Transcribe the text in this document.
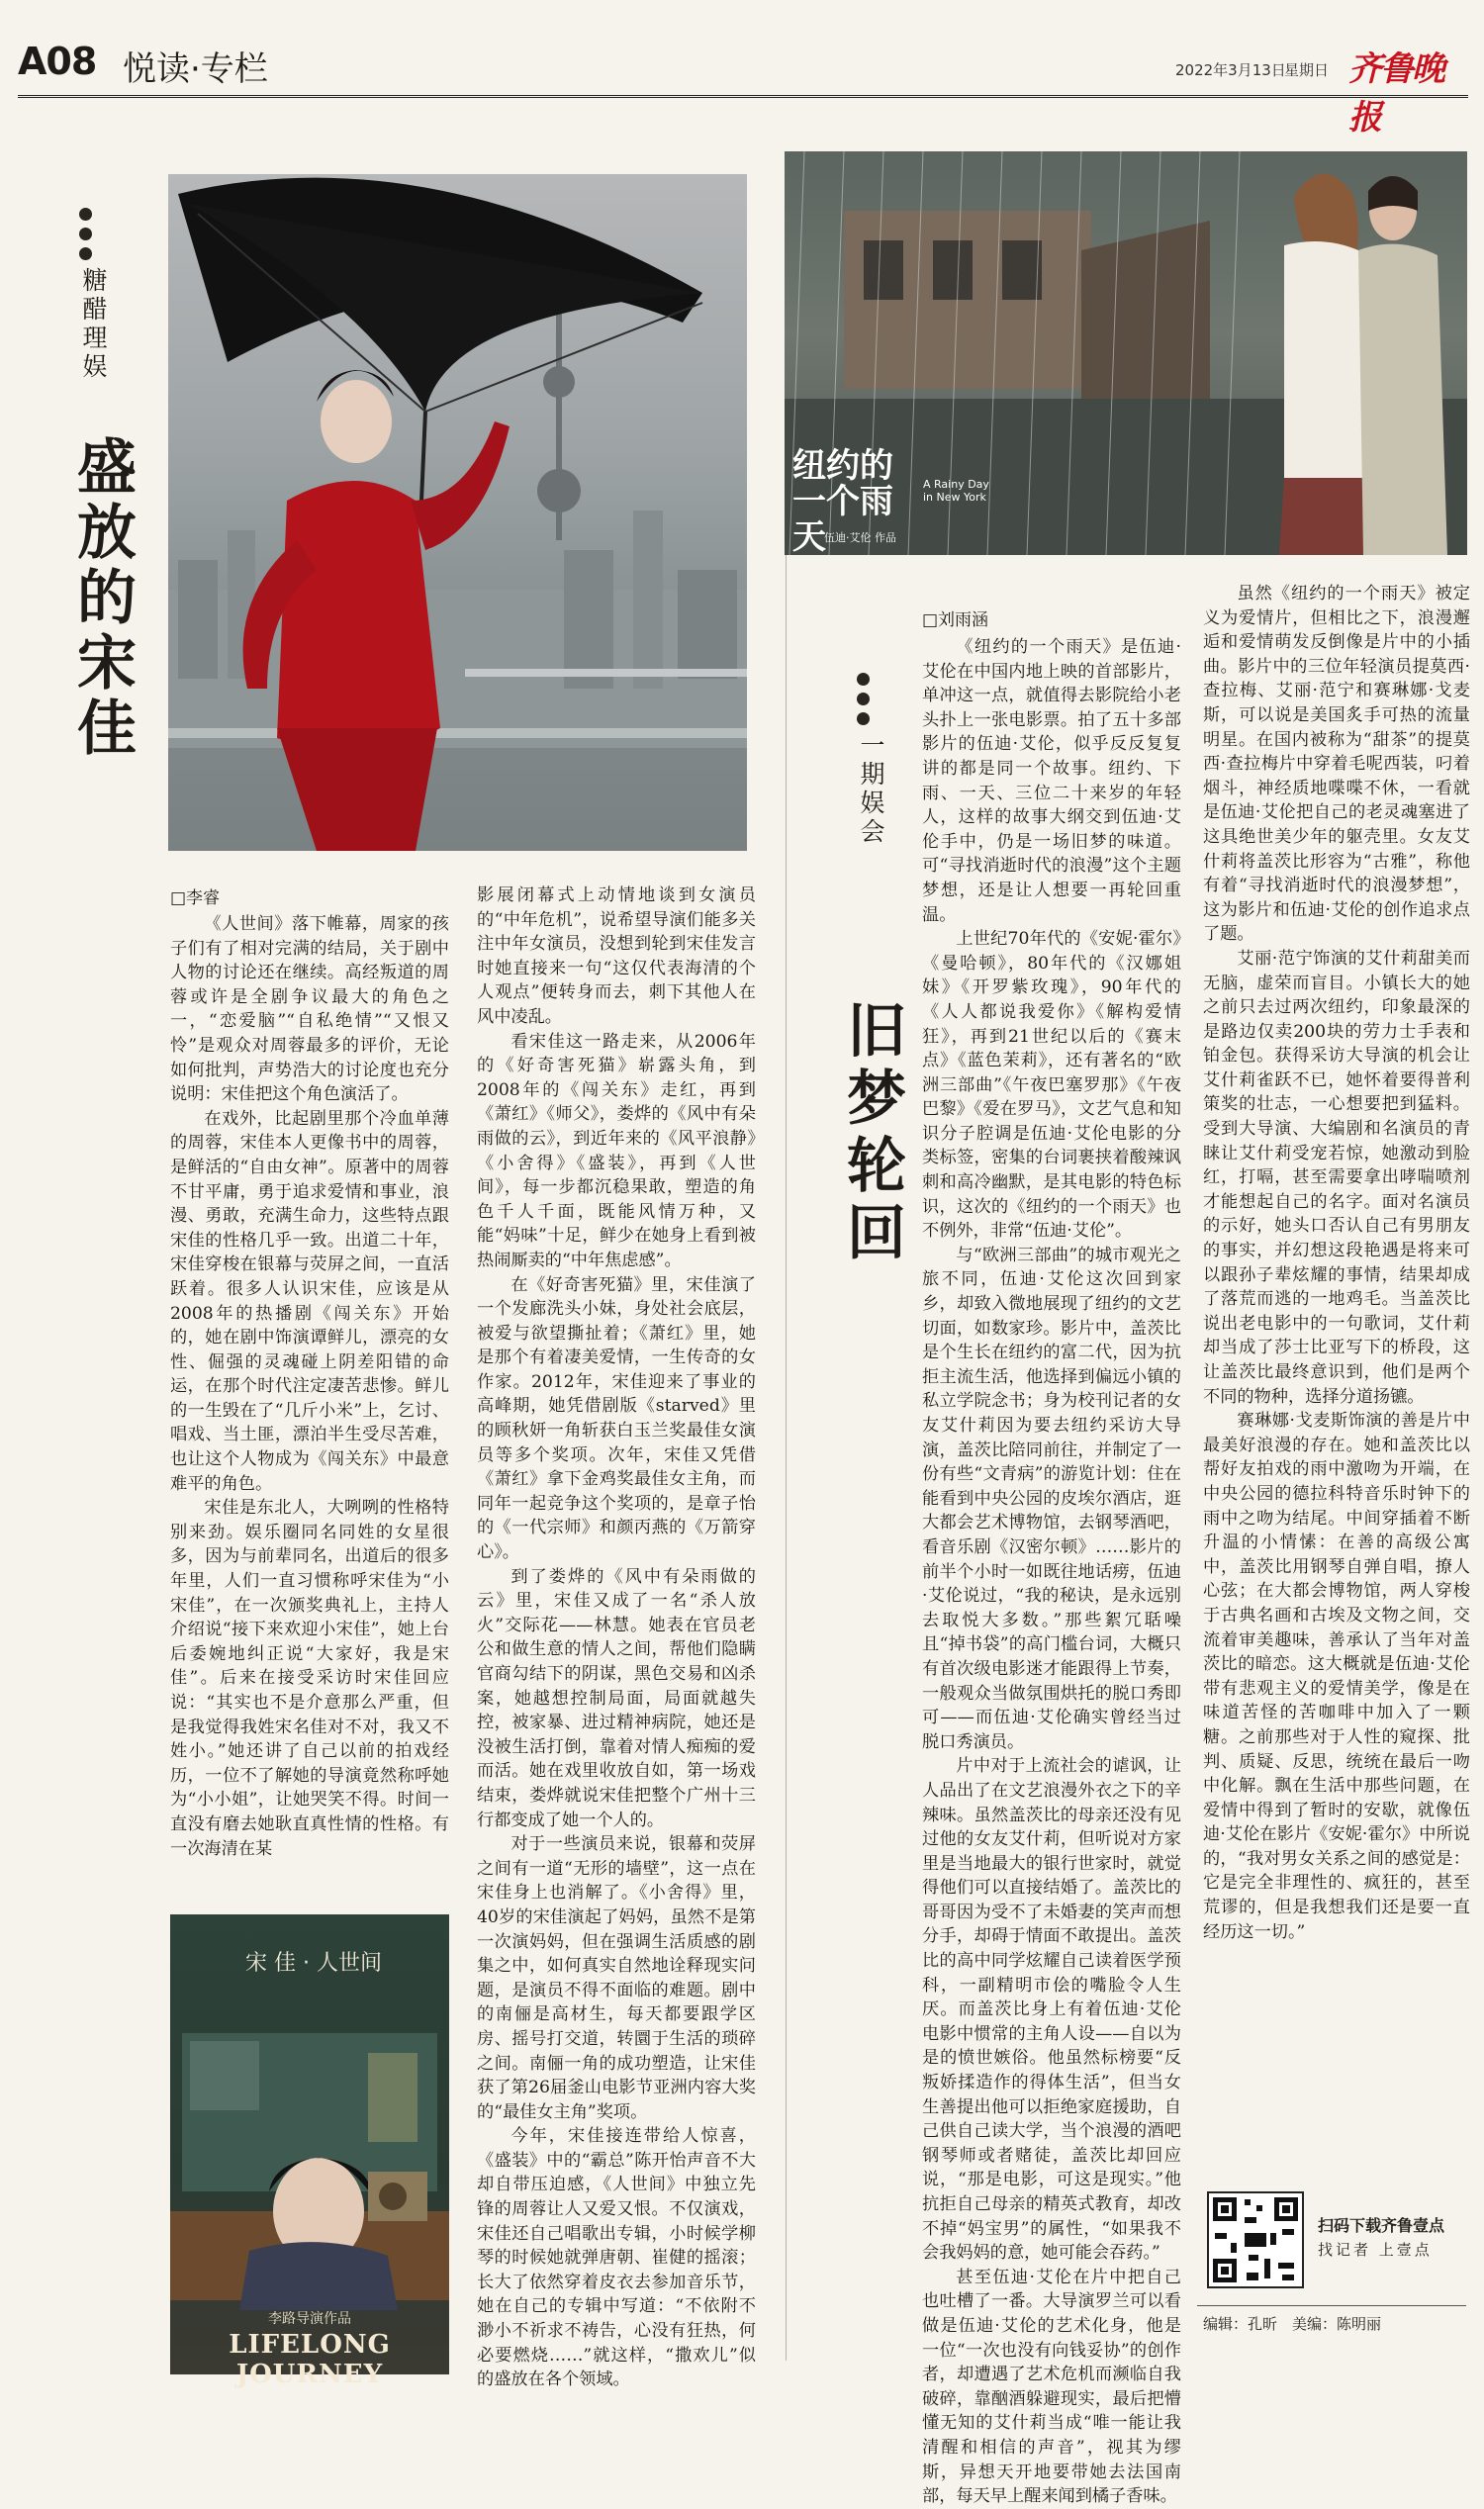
A08 悦读·专栏	2022年3月13日
星期日 齐鲁晚报
糖醋理娱
盛放的宋佳
□李睿

《人世间》落下帷幕，周家的孩子们有了相对完满的结局，关于剧中人物的讨论还在继续。高经叛道的周蓉或许是全剧争议最大的角色之一，“恋爱脑”“自私绝情”“又恨又怜”是观众对周蓉最多的评价，无论如何批判，声势浩大的讨论度也充分说明：宋佳把这个角色演活了。

在戏外，比起剧里那个冷血单薄的周蓉，宋佳本人更像书中的周蓉，是鲜活的“自由女神”。原著中的周蓉不甘平庸，勇于追求爱情和事业，浪漫、勇敢，充满生命力，这些特点跟宋佳的性格几乎一致。出道二十年，宋佳穿梭在银幕与荧屏之间，一直活跃着。很多人认识宋佳，应该是从2008年的热播剧《闯关东》开始的，她在剧中饰演谭鲜儿，漂亮的女性、倔强的灵魂碰上阴差阳错的命运，在那个时代注定凄苦悲惨。鲜儿的一生毁在了“几斤小米”上，乞讨、唱戏、当土匪，漂泊半生受尽苦难，也让这个人物成为《闯关东》中最意难平的角色。

宋佳是东北人，大咧咧的性格特别来劲。娱乐圈同名同姓的女星很多，因为与前辈同名，出道后的很多年里，人们一直习惯称呼宋佳为“小宋佳”，在一次颁奖典礼上，主持人介绍说“接下来欢迎小宋佳”，她上台后委婉地纠正说“大家好，我是宋佳”。后来在接受采访时宋佳回应说：“其实也不是介意那么严重，但是我觉得我姓宋名佳对不对，我又不姓小。”她还讲了自己以前的拍戏经历，一位不了解她的导演竟然称呼她为“小小姐”，让她哭笑不得。时间一直没有磨去她耿直真性情的性格。有一次海清在某

影展闭幕式上动情地谈到女演员的“中年危机”，说希望导演们能多关注中年女演员，没想到轮到宋佳发言时她直接来一句“这仅代表海清的个人观点”便转身而去，刺下其他人在风中凌乱。

看宋佳这一路走来，从2006年的《好奇害死猫》崭露头角，到2008年的《闯关东》走红，再到《萧红》《师父》，娄烨的《风中有朵雨做的云》，到近年来的《风平浪静》《小舍得》《盛装》，再到《人世间》，每一步都沉稳果敢，塑造的角色千人千面，既能风情万种，又能“妈味”十足，鲜少在她身上看到被热闹厮卖的“中年焦虑感”。

在《好奇害死猫》里，宋佳演了一个发廊洗头小妹，身处社会底层，被爱与欲望撕扯着；《萧红》里，她是那个有着凄美爱情，一生传奇的女作家。2012年，宋佳迎来了事业的高峰期，她凭借剧版《starved》里的顾秋妍一角斩获白玉兰奖最佳女演员等多个奖项。次年，宋佳又凭借《萧红》拿下金鸡奖最佳女主角，而同年一起竞争这个奖项的，是章子怡的《一代宗师》和颜丙燕的《万箭穿心》。

到了娄烨的《风中有朵雨做的云》里，宋佳又成了一名“杀人放火”交际花——林慧。她表在官员老公和做生意的情人之间，帮他们隐瞒官商勾结下的阴谋，黑色交易和凶杀案，她越想控制局面，局面就越失控，被家暴、进过精神病院，她还是没被生活打倒，靠着对情人痴痴的爱而活。她在戏里收放自如，第一场戏结束，娄烨就说宋佳把整个广州十三行都变成了她一个人的。

对于一些演员来说，银幕和荧屏之间有一道“无形的墙壁”，这一点在宋佳身上也消解了。《小舍得》里，40岁的宋佳演起了妈妈，虽然不是第一次演妈妈，但在强调生活质感的剧集之中，如何真实自然地诠释现实问题，是演员不得不面临的难题。剧中的南俪是高材生，每天都要跟学区房、摇号打交道，转圜于生活的琐碎之间。南俪一角的成功塑造，让宋佳获了第26届釜山电影节亚洲内容大奖的“最佳女主角”奖项。

今年，宋佳接连带给人惊喜，《盛装》中的“霸总”陈开怡声音不大却自带压迫感，《人世间》中独立先锋的周蓉让人又爱又恨。不仅演戏，宋佳还自己唱歌出专辑，小时候学柳琴的时候她就弹唐朝、崔健的摇滚；长大了依然穿着皮衣去参加音乐节，她在自己的专辑中写道：“不依附不渺小不祈求不祷告，心没有狂热，何必要燃烧……”就这样，“撒欢儿”似的盛放在各个领域。

宋 佳 · 人世间
李路导演作品
LIFELONG JOURNEY
纽约的一个雨天
A Rainy Day in New York
伍迪·艾伦 作品
一期娱会
旧梦轮回
□刘雨涵

《纽约的一个雨天》是伍迪·艾伦在中国内地上映的首部影片，单冲这一点，就值得去影院给小老头扑上一张电影票。拍了五十多部影片的伍迪·艾伦，似乎反反复复讲的都是同一个故事。纽约、下雨、一天、三位二十来岁的年轻人，这样的故事大纲交到伍迪·艾伦手中，仍是一场旧梦的味道。可“寻找消逝时代的浪漫”这个主题梦想，还是让人想要一再轮回重温。

上世纪70年代的《安妮·霍尔》《曼哈顿》，80年代的《汉娜姐妹》《开罗紫玫瑰》，90年代的《人人都说我爱你》《解构爱情狂》，再到21世纪以后的《赛末点》《蓝色茉莉》，还有著名的“欧洲三部曲”《午夜巴塞罗那》《午夜巴黎》《爱在罗马》，文艺气息和知识分子腔调是伍迪·艾伦电影的分类标签，密集的台词裹挟着酸辣讽刺和高冷幽默，是其电影的特色标识，这次的《纽约的一个雨天》也不例外，非常“伍迪·艾伦”。

与“欧洲三部曲”的城市观光之旅不同，伍迪·艾伦这次回到家乡，却致入微地展现了纽约的文艺切面，如数家珍。影片中，盖茨比是个生长在纽约的富二代，因为抗拒主流生活，他选择到偏远小镇的私立学院念书；身为校刊记者的女友艾什莉因为要去纽约采访大导演，盖茨比陪同前往，并制定了一份有些“文青病”的游览计划：住在能看到中央公园的皮埃尔酒店，逛大都会艺术博物馆，去钢琴酒吧，看音乐剧《汉密尔顿》……影片的前半个小时一如既往地话痨，伍迪·艾伦说过，“我的秘诀，是永远别去取悦大多数。”那些絮冗聒噪且“掉书袋”的高门槛台词，大概只有首次级电影迷才能跟得上节奏，一般观众当做氛围烘托的脱口秀即可——而伍迪·艾伦确实曾经当过脱口秀演员。

片中对于上流社会的谑讽，让人品出了在文艺浪漫外衣之下的辛辣味。虽然盖茨比的母亲还没有见过他的女友艾什莉，但听说对方家里是当地最大的银行世家时，就觉得他们可以直接结婚了。盖茨比的哥哥因为受不了未婚妻的笑声而想分手，却碍于情面不敢提出。盖茨比的高中同学炫耀自己读着医学预科，一副精明市侩的嘴脸令人生厌。而盖茨比身上有着伍迪·艾伦电影中惯常的主角人设——自以为是的愤世嫉俗。他虽然标榜要“反叛娇揉造作的得体生活”，但当女生善提出他可以拒绝家庭援助，自己供自己读大学，当个浪漫的酒吧钢琴师或者赌徒，盖茨比却回应说，“那是电影，可这是现实。”他抗拒自己母亲的精英式教育，却改不掉“妈宝男”的属性，“如果我不会我妈妈的意，她可能会吞药。”

甚至伍迪·艾伦在片中把自己也吐槽了一番。大导演罗兰可以看做是伍迪·艾伦的艺术化身，他是一位“一次也没有向钱妥协”的创作者，却遭遇了艺术危机而濒临自我破碎，靠酗酒躲避现实，最后把懵懂无知的艾什莉当成“唯一能让我清醒和相信的声音”，视其为缪斯，异想天开地要带她去法国南部，每天早上醒来闻到橘子香味。

虽然《纽约的一个雨天》被定义为爱情片，但相比之下，浪漫邂逅和爱情萌发反倒像是片中的小插曲。影片中的三位年轻演员提莫西·查拉梅、艾丽·范宁和赛琳娜·戈麦斯，可以说是美国炙手可热的流量明星。在国内被称为“甜茶”的提莫西·查拉梅片中穿着毛呢西装，叼着烟斗，神经质地喋喋不休，一看就是伍迪·艾伦把自己的老灵魂塞进了这具绝世美少年的躯壳里。女友艾什莉将盖茨比形容为“古雅”，称他有着“寻找消逝时代的浪漫梦想”，这为影片和伍迪·艾伦的创作追求点了题。

艾丽·范宁饰演的艾什莉甜美而无脑，虚荣而盲目。小镇长大的她之前只去过两次纽约，印象最深的是路边仅卖200块的劳力士手表和铂金包。获得采访大导演的机会让艾什莉雀跃不已，她怀着要得普利策奖的壮志，一心想要把到猛料。受到大导演、大编剧和名演员的青睐让艾什莉受宠若惊，她激动到脸红，打嗝，甚至需要拿出哮喘喷剂才能想起自己的名字。面对名演员的示好，她头口否认自己有男朋友的事实，并幻想这段艳遇是将来可以跟孙子辈炫耀的事情，结果却成了落荒而逃的一地鸡毛。当盖茨比说出老电影中的一句歌词，艾什莉却当成了莎士比亚写下的桥段，这让盖茨比最终意识到，他们是两个不同的物种，选择分道扬镳。

赛琳娜·戈麦斯饰演的善是片中最美好浪漫的存在。她和盖茨比以帮好友拍戏的雨中激吻为开端，在中央公园的德拉科特音乐时钟下的雨中之吻为结尾。中间穿插着不断升温的小情愫：在善的高级公寓中，盖茨比用钢琴自弹自唱，撩人心弦；在大都会博物馆，两人穿梭于古典名画和古埃及文物之间，交流着审美趣味，善承认了当年对盖茨比的暗恋。这大概就是伍迪·艾伦带有悲观主义的爱情美学，像是在味道苦怪的苦咖啡中加入了一颗糖。之前那些对于人性的窥探、批判、质疑、反思，统统在最后一吻中化解。飘在生活中那些问题，在爱情中得到了暂时的安歇，就像伍迪·艾伦在影片《安妮·霍尔》中所说的，“我对男女关系之间的感觉是：它是完全非理性的、疯狂的，甚至荒谬的，但是我想我们还是要一直经历这一切。”

扫码下载齐鲁壹点
找记者 上壹点
编辑：孔昕　美编：陈明丽
